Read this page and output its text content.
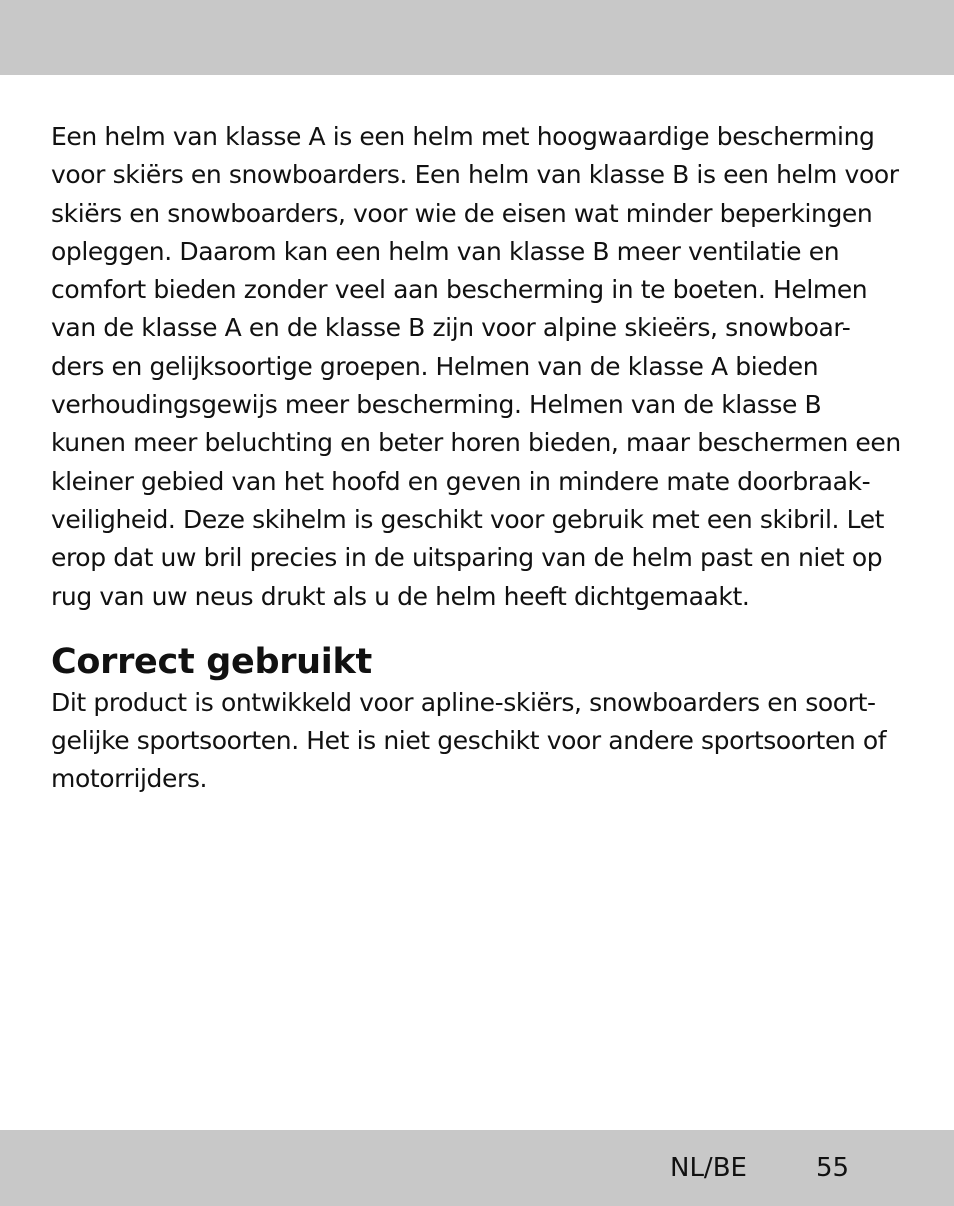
Een helm van klasse A is een helm met hoogwaardige bescherming
voor skiërs en snowboarders. Een helm van klasse B is een helm voor
skiërs en snowboarders, voor wie de eisen wat minder beperkingen
opleggen. Daarom kan een helm van klasse B meer ventilatie en
comfort bieden zonder veel aan bescherming in te boeten. Helmen
van de klasse A en de klasse B zijn voor alpine skieërs, snowboar-
ders en gelijksoortige groepen. Helmen van de klasse A bieden
verhoudingsgewijs meer bescherming. Helmen van de klasse B
kunen meer beluchting en beter horen bieden, maar beschermen een
kleiner gebied van het hoofd en geven in mindere mate doorbraak-
veiligheid. Deze skihelm is geschikt voor gebruik met een skibril. Let
erop dat uw bril precies in de uitsparing van de helm past en niet op
rug van uw neus drukt als u de helm heeft dichtgemaakt.
Correct gebruikt
Dit product is ontwikkeld voor apline-skiërs, snowboarders en soort-
gelijke sportsoorten. Het is niet geschikt voor andere sportsoorten of
motorrijders.
NL/BE	55
